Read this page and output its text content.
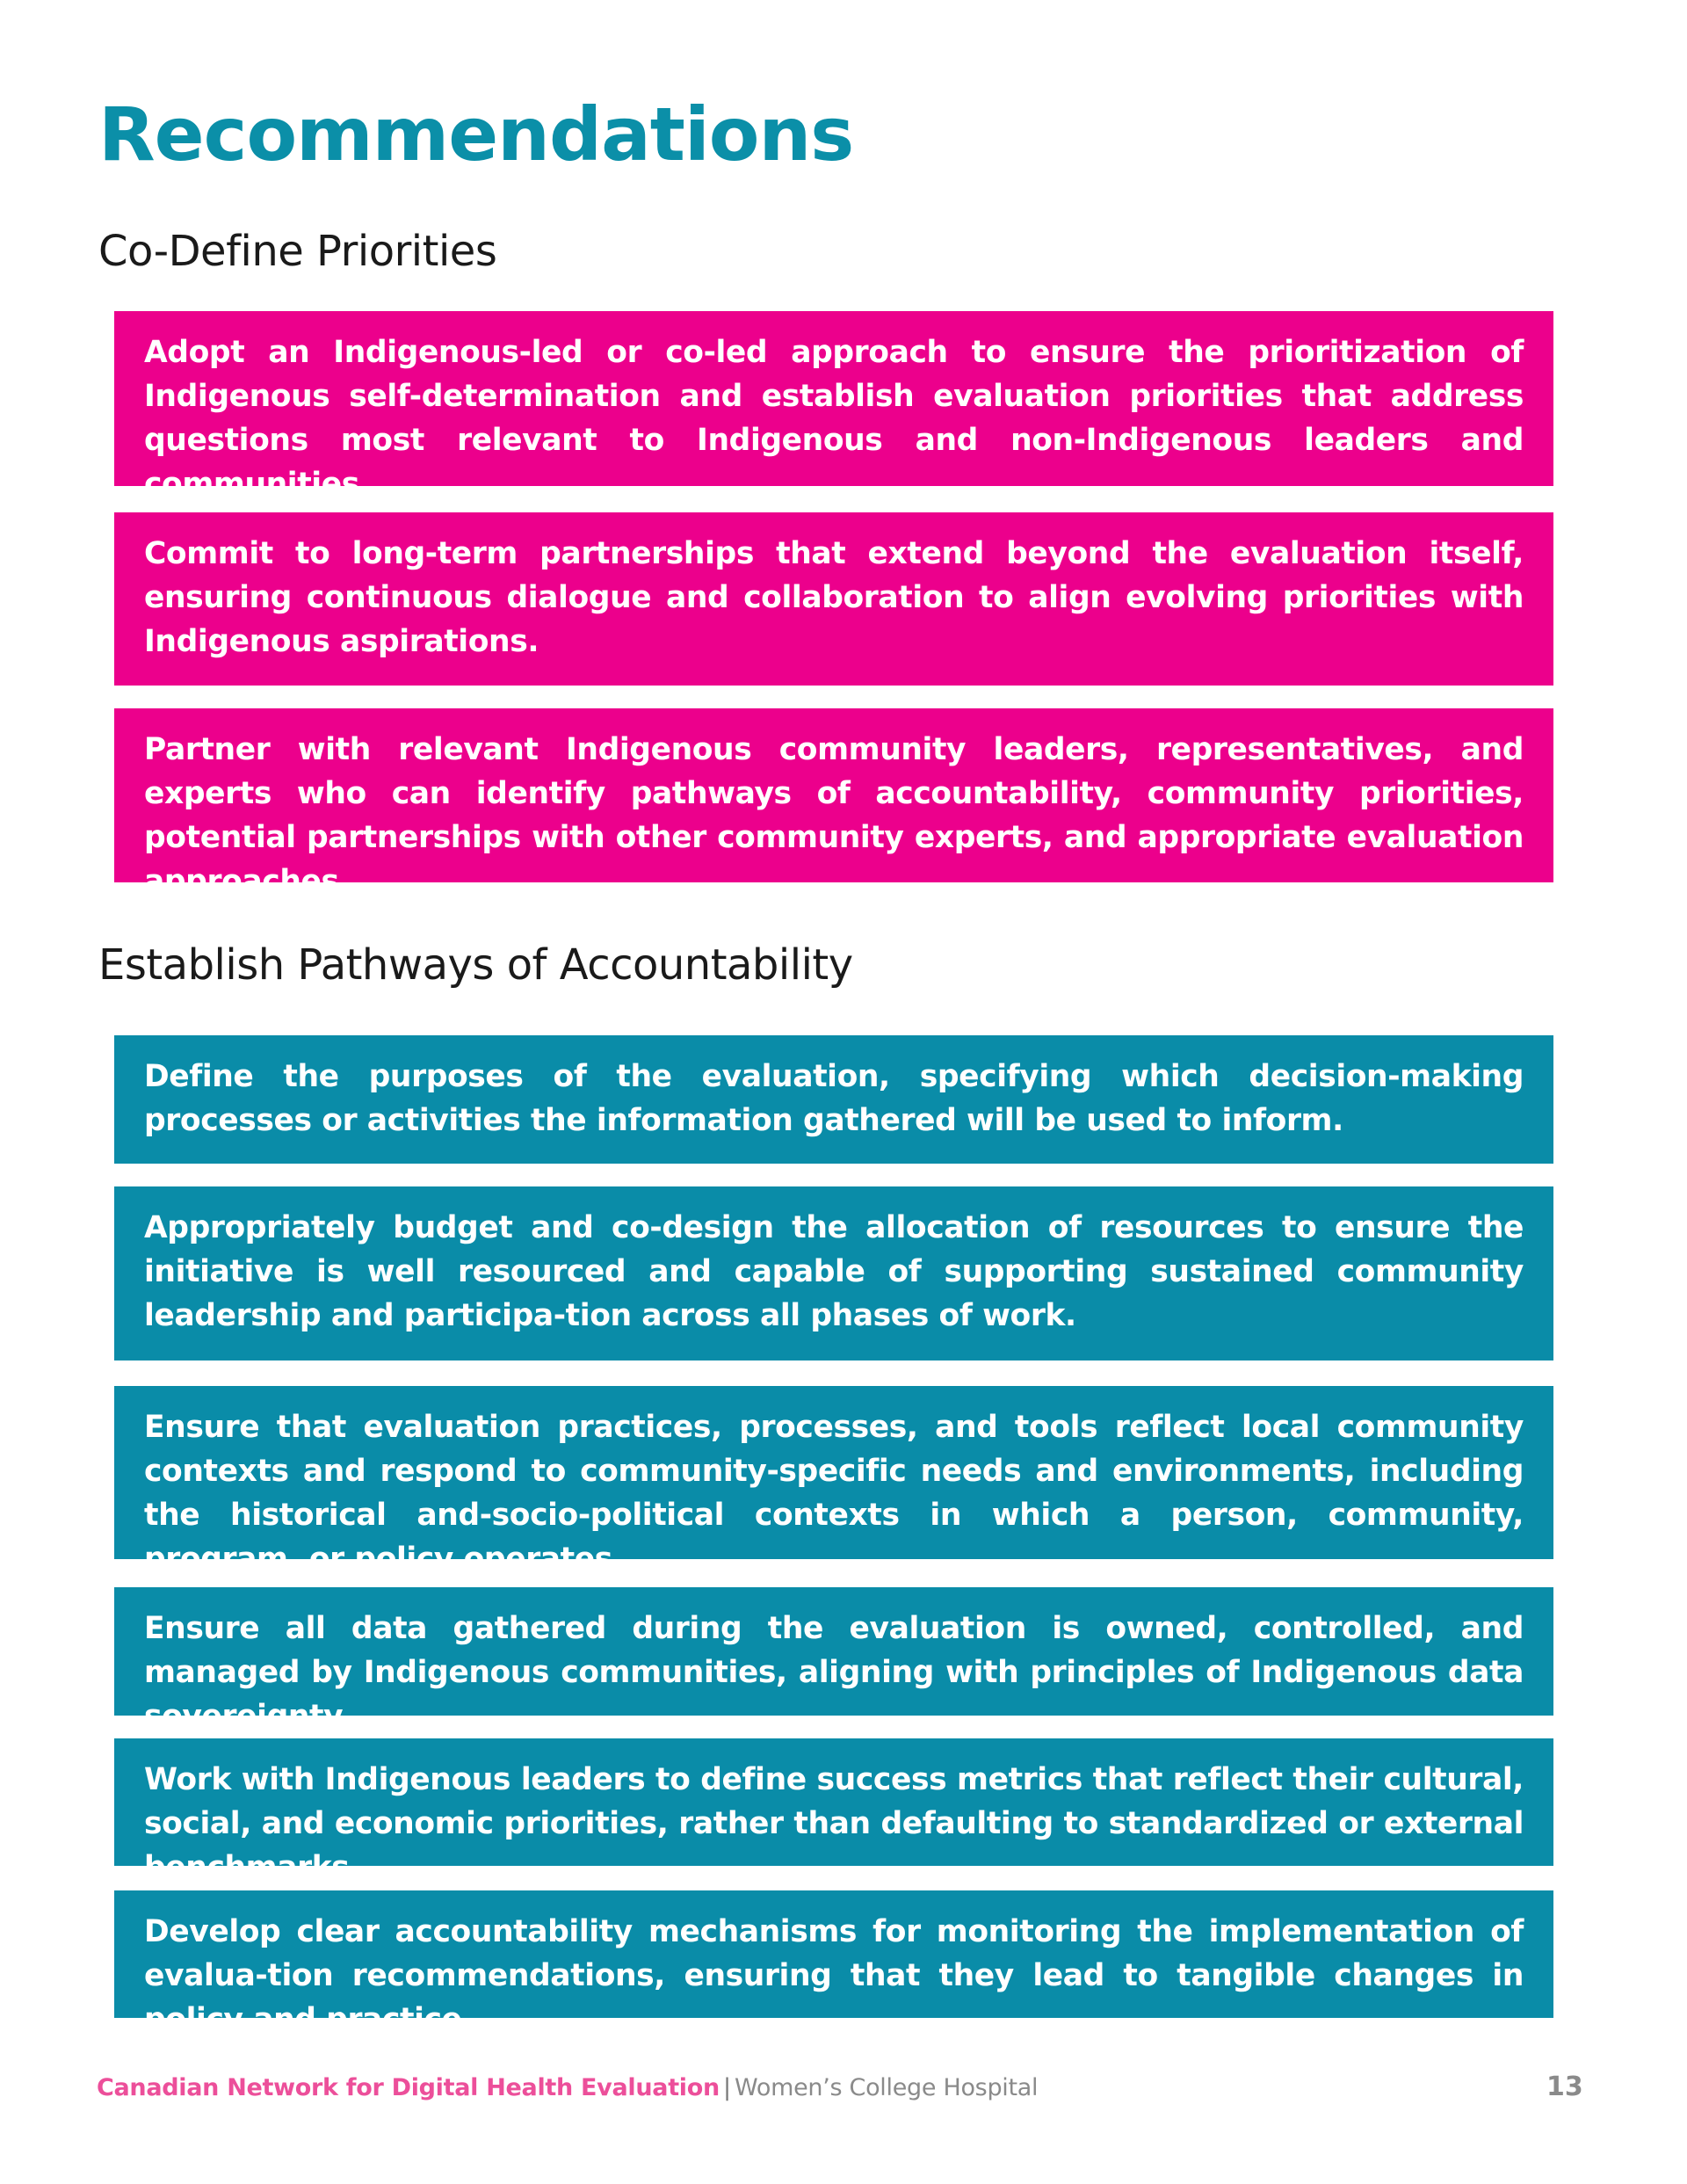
Recommendations
Co-Define Priorities
Adopt an Indigenous-led or co-led approach to ensure the prioritization of Indigenous self-determination and establish evaluation priorities that address questions most relevant to Indigenous and non-Indigenous leaders and communities.
Commit to long-term partnerships that extend beyond the evaluation itself, ensuring continuous dialogue and collaboration to align evolving priorities with Indigenous aspirations.
Partner with relevant Indigenous community leaders, representatives, and experts who can identify pathways of accountability, community priorities, potential partnerships with other community experts, and appropriate evaluation approaches.
Establish Pathways of Accountability
Define the purposes of the evaluation, specifying which decision-making processes or activities the information gathered will be used to inform.
Appropriately budget and co-design the allocation of resources to ensure the initiative is well resourced and capable of supporting sustained community leadership and participa-tion across all phases of work.
Ensure that evaluation practices, processes, and tools reflect local community contexts and respond to community-specific needs and environments, including the historical and-socio-political contexts in which a person, community, program, or policy operates.
Ensure all data gathered during the evaluation is owned, controlled, and managed by Indigenous communities, aligning with principles of Indigenous data sovereignty.
Work with Indigenous leaders to define success metrics that reflect their cultural, social, and economic priorities, rather than defaulting to standardized or external benchmarks.
Develop clear accountability mechanisms for monitoring the implementation of evalua-tion recommendations, ensuring that they lead to tangible changes in policy and practice.
Canadian Network for Digital Health Evaluation | Women’s College Hospital	13
